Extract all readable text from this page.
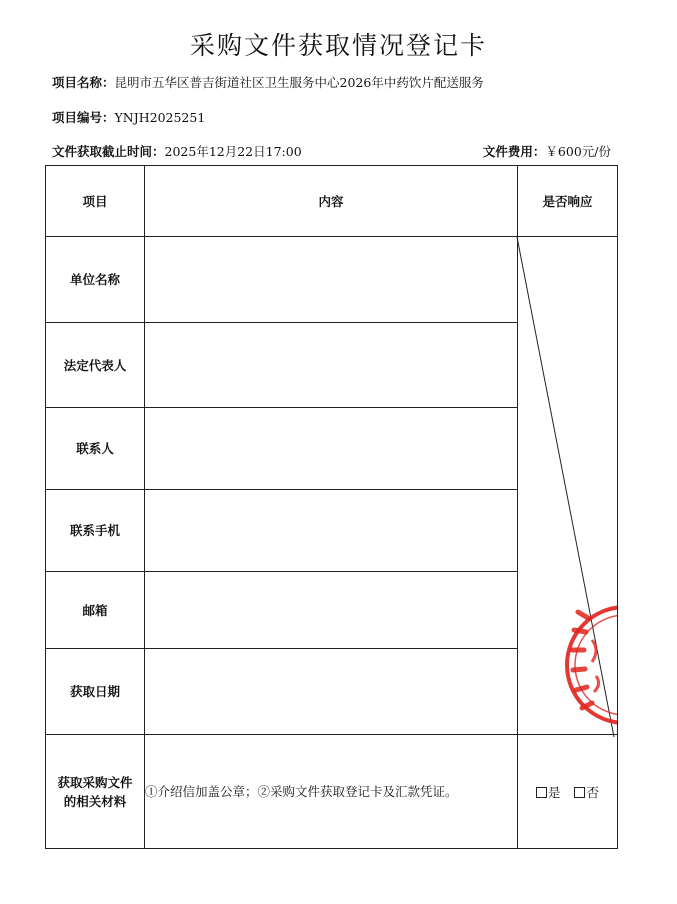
采购文件获取情况登记卡
项目名称：昆明市五华区普吉街道社区卫生服务中心2026年中药饮片配送服务
项目编号：YNJH2025251
文件获取截止时间：2025年12月22日17:00	文件费用：￥600元/份
项目	内容	是否响应
单位名称		
法定代表人		
联系人		
联系手机		
邮箱		
获取日期		

获取采购文件
的相关材料	①介绍信加盖公章；②采购文件获取登记卡及汇款凭证。	是 否
